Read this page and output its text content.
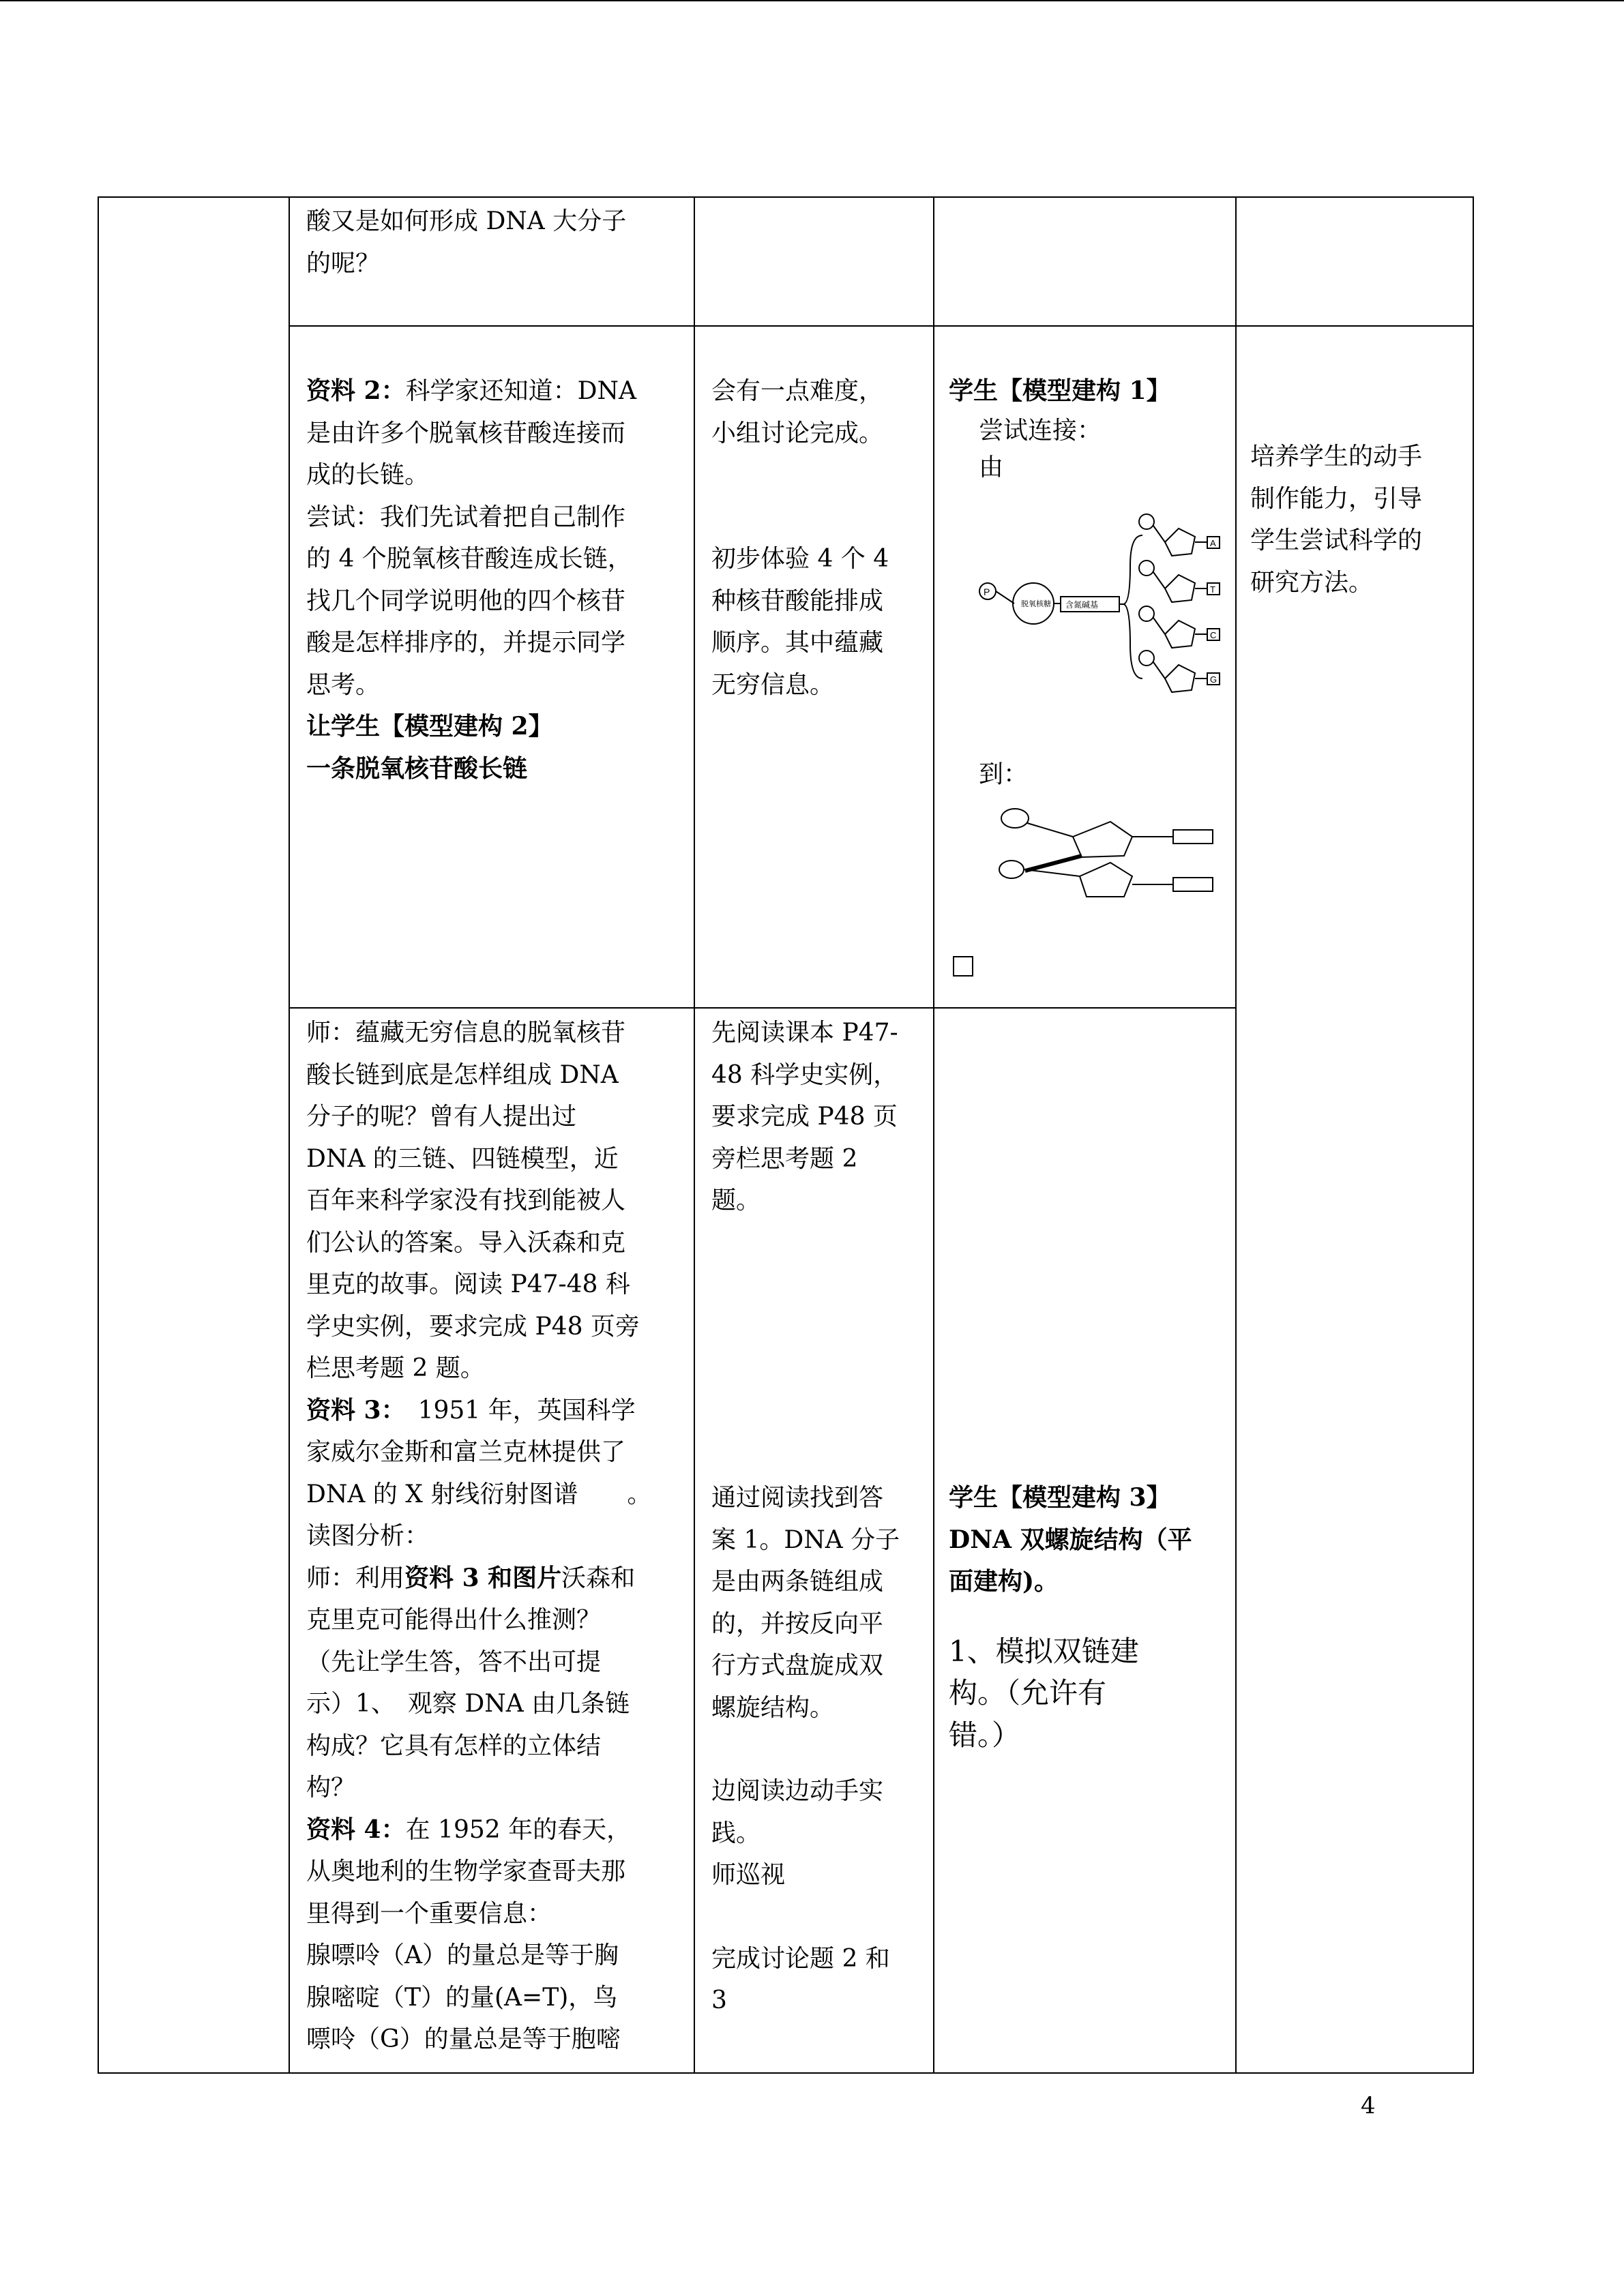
酸又是如何形成 DNA 大分子

的呢？

资料 2：科学家还知道：DNA

是由许多个脱氧核苷酸连接而

成的长链。

尝试：我们先试着把自己制作

的 4 个脱氧核苷酸连成长链，

找几个同学说明他的四个核苷

酸是怎样排序的，并提示同学

思考。

让学生【模型建构 2】

一条脱氧核苷酸长链

会有一点难度，

小组讨论完成。

初步体验 4 个 4

种核苷酸能排成

顺序。其中蕴藏

无穷信息。

学生【模型建构 1】

尝试连接：

由

P
脱氧核糖 含氮碱基
A
T
C
G

到：

培养学生的动手

制作能力，引导

学生尝试科学的

研究方法。

师：蕴藏无穷信息的脱氧核苷

酸长链到底是怎样组成 DNA

分子的呢？曾有人提出过

DNA 的三链、四链模型，近

百年来科学家没有找到能被人

们公认的答案。导入沃森和克

里克的故事。阅读 P47-48 科

学史实例，要求完成 P48 页旁

栏思考题 2 题。

资料 3：　1951 年，英国科学

家威尔金斯和富兰克林提供了

DNA 的 X 射线衍射图谱　　。

读图分析：

师：利用资料 3 和图片沃森和

克里克可能得出什么推测？

（先让学生答，答不出可提

示）1、　观察 DNA 由几条链

构成？它具有怎样的立体结

构？

资料 4：在 1952 年的春天，

从奥地利的生物学家查哥夫那

里得到一个重要信息：

腺嘌呤（A）的量总是等于胸

腺嘧啶（T）的量(A=T)，鸟

嘌呤（G）的量总是等于胞嘧

先阅读课本 P47-

48 科学史实例，

要求完成 P48 页

旁栏思考题 2

题。

通过阅读找到答

案 1。DNA 分子

是由两条链组成

的，并按反向平

行方式盘旋成双

螺旋结构。

边阅读边动手实

践。

师巡视

完成讨论题 2 和

3

学生【模型建构 3】

DNA 双螺旋结构（平

面建构)。

1、模拟双链建

构。（允许有

错。）

4
